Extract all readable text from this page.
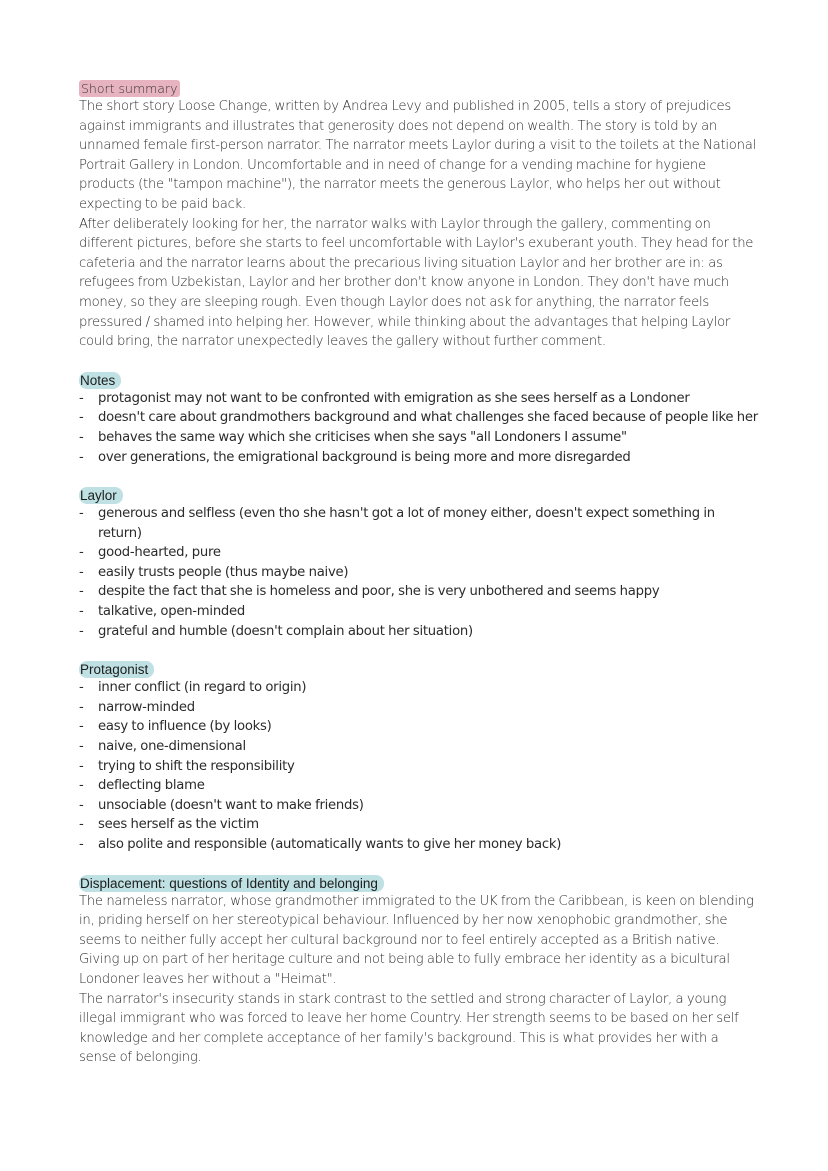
Short summary

The short story Loose Change, written by Andrea Levy and published in 2005, tells a story of prejudices against immigrants and illustrates that generosity does not depend on wealth. The story is told by an unnamed female first-person narrator. The narrator meets Laylor during a visit to the toilets at the National Portrait Gallery in London. Uncomfortable and in need of change for a vending machine for hygiene products (the "tampon machine"), the narrator meets the generous Laylor, who helps her out without expecting to be paid back.

After deliberately looking for her, the narrator walks with Laylor through the gallery, commenting on different pictures, before she starts to feel uncomfortable with Laylor's exuberant youth. They head for the cafeteria and the narrator learns about the precarious living situation Laylor and her brother are in: as refugees from Uzbekistan, Laylor and her brother don't know anyone in London. They don't have much money, so they are sleeping rough. Even though Laylor does not ask for anything, the narrator feels pressured / shamed into helping her. However, while thinking about the advantages that helping Laylor could bring, the narrator unexpectedly leaves the gallery without further comment.

Notes
- protagonist may not want to be confronted with emigration as she sees herself as a Londoner
- doesn't care about grandmothers background and what challenges she faced because of people like her
- behaves the same way which she criticises when she says "all Londoners I assume"
- over generations, the emigrational background is being more and more disregarded
Laylor
- generous and selfless (even tho she hasn't got a lot of money either, doesn't expect something in return)
- good-hearted, pure
- easily trusts people (thus maybe naive)
- despite the fact that she is homeless and poor, she is very unbothered and seems happy
- talkative, open-minded
- grateful and humble (doesn't complain about her situation)
Protagonist
- inner conflict (in regard to origin)
- narrow-minded
- easy to influence (by looks)
- naive, one-dimensional
- trying to shift the responsibility
- deflecting blame
- unsociable (doesn't want to make friends)
- sees herself as the victim
- also polite and responsible (automatically wants to give her money back)
Displacement: questions of Identity and belonging

The nameless narrator, whose grandmother immigrated to the UK from the Caribbean, is keen on blending in, priding herself on her stereotypical behaviour. Influenced by her now xenophobic grandmother, she seems to neither fully accept her cultural background nor to feel entirely accepted as a British native. Giving up on part of her heritage culture and not being able to fully embrace her identity as a bicultural Londoner leaves her without a "Heimat".

The narrator's insecurity stands in stark contrast to the settled and strong character of Laylor, a young illegal immigrant who was forced to leave her home Country. Her strength seems to be based on her self knowledge and her complete acceptance of her family's background. This is what provides her with a sense of belonging.
